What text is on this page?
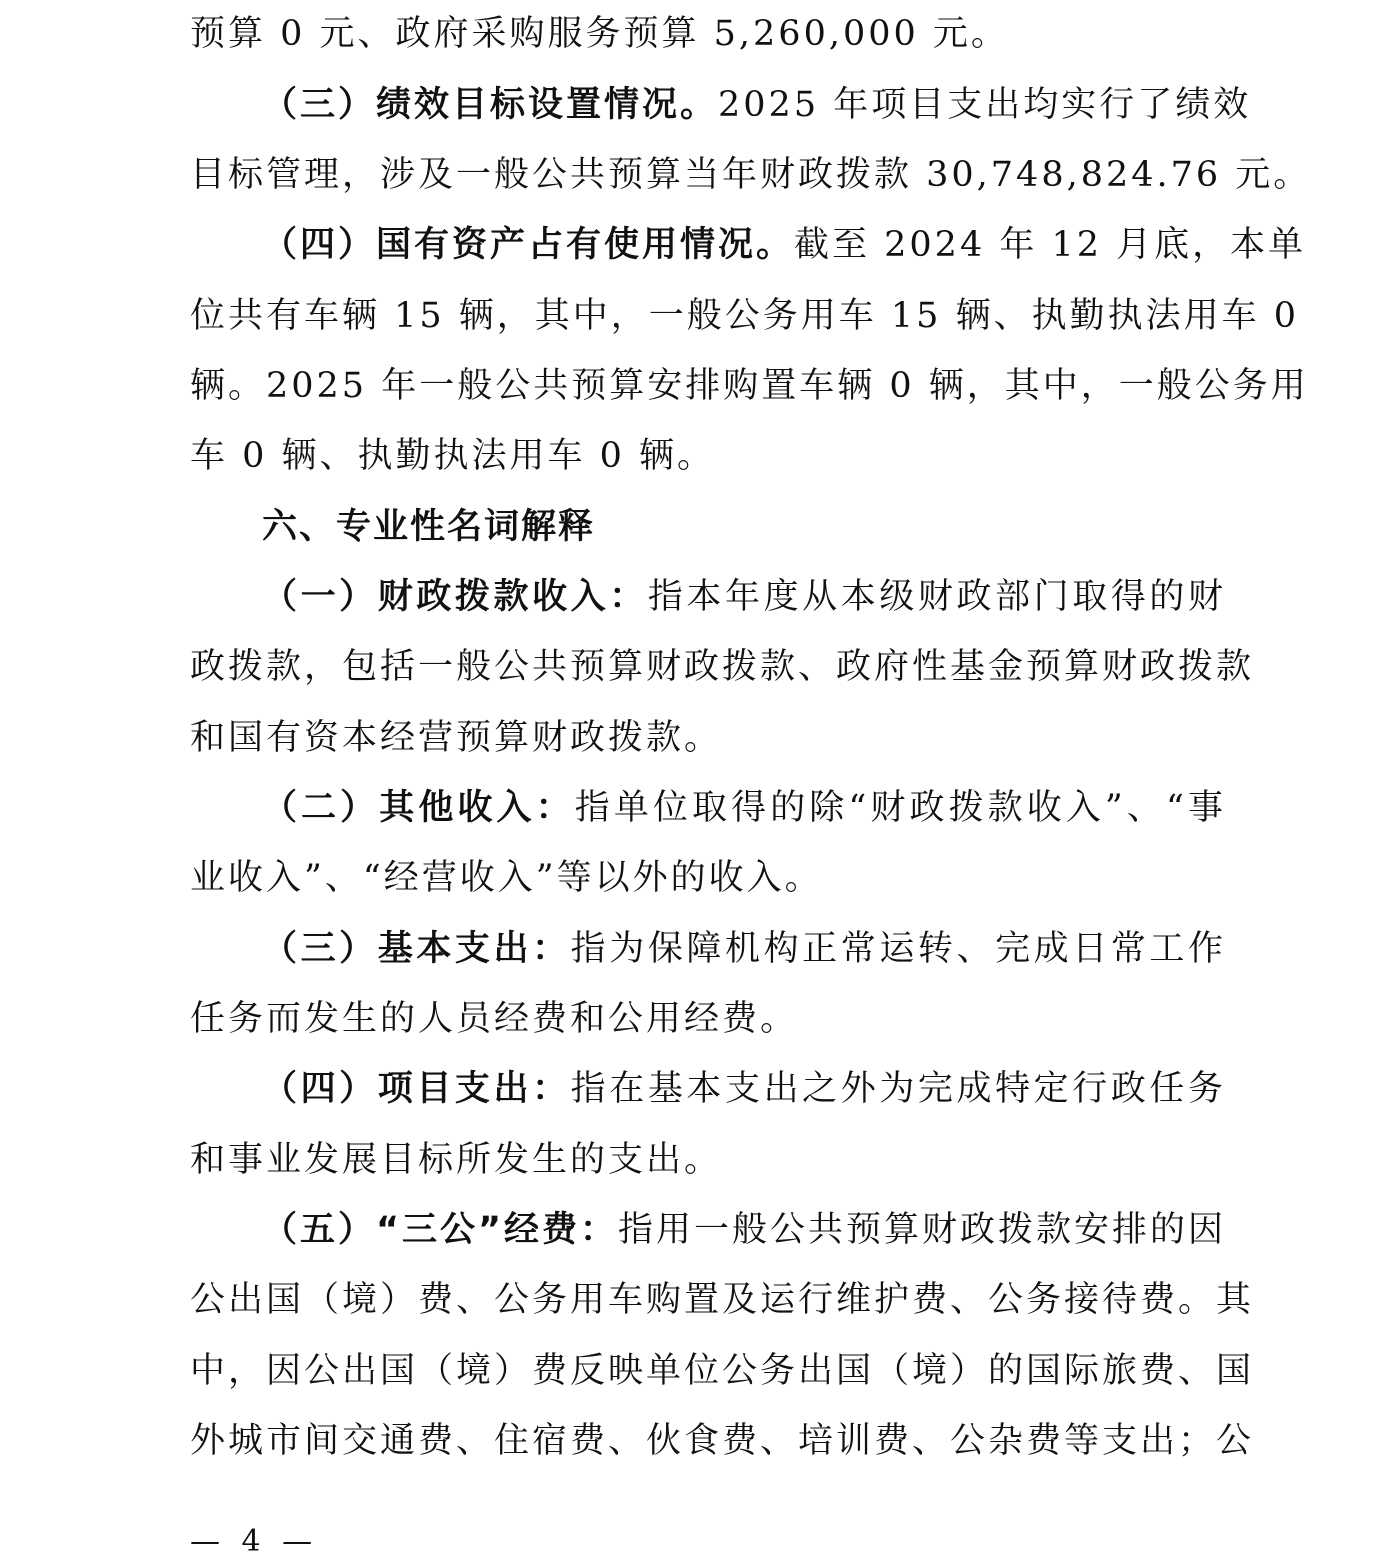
预算 0 元、政府采购服务预算 5,260,000 元。
（三）绩效目标设置情况。2025 年项目支出均实行了绩效
目标管理，涉及一般公共预算当年财政拨款 30,748,824.76 元。
（四）国有资产占有使用情况。截至 2024 年 12 月底，本单
位共有车辆 15 辆，其中，一般公务用车 15 辆、执勤执法用车 0
辆。2025 年一般公共预算安排购置车辆 0 辆，其中，一般公务用
车 0 辆、执勤执法用车 0 辆。
六、专业性名词解释
（一）财政拨款收入：指本年度从本级财政部门取得的财
政拨款，包括一般公共预算财政拨款、政府性基金预算财政拨款
和国有资本经营预算财政拨款。
（二）其他收入：指单位取得的除“财政拨款收入”、“事
业收入”、“经营收入”等以外的收入。
（三）基本支出：指为保障机构正常运转、完成日常工作
任务而发生的人员经费和公用经费。
（四）项目支出：指在基本支出之外为完成特定行政任务
和事业发展目标所发生的支出。
（五）“三公”经费：指用一般公共预算财政拨款安排的因
公出国（境）费、公务用车购置及运行维护费、公务接待费。其
中，因公出国（境）费反映单位公务出国（境）的国际旅费、国
外城市间交通费、住宿费、伙食费、培训费、公杂费等支出；公
— 4 —
